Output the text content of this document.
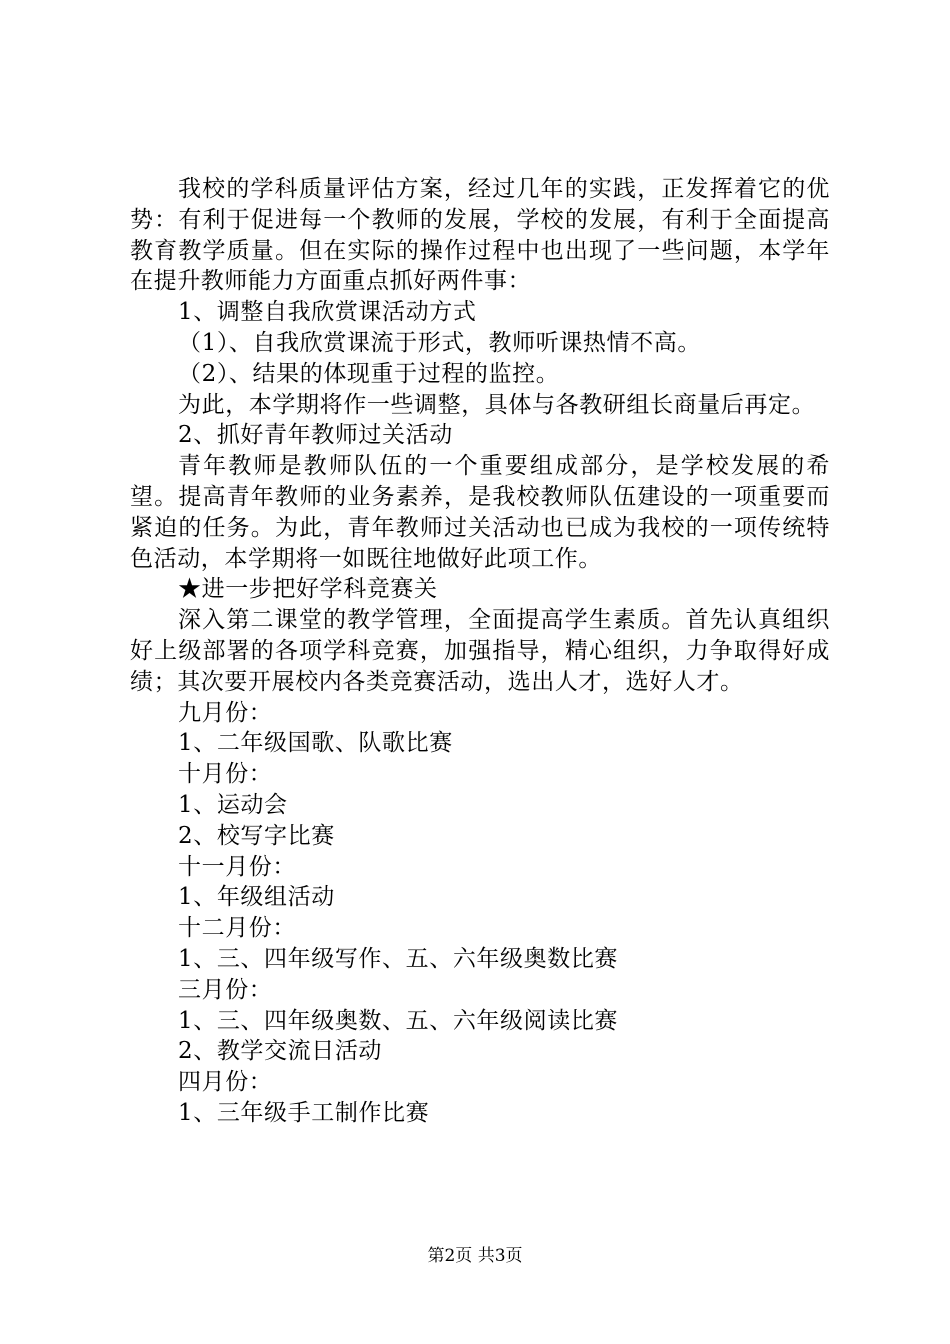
我校的学科质量评估方案，经过几年的实践，正发挥着它的优势：有利于促进每一个教师的发展，学校的发展，有利于全面提高教育教学质量。但在实际的操作过程中也出现了一些问题，本学年在提升教师能力方面重点抓好两件事：

1、调整自我欣赏课活动方式

（1）、自我欣赏课流于形式，教师听课热情不高。

（2）、结果的体现重于过程的监控。

为此，本学期将作一些调整，具体与各教研组长商量后再定。

2、抓好青年教师过关活动

青年教师是教师队伍的一个重要组成部分，是学校发展的希望。提高青年教师的业务素养，是我校教师队伍建设的一项重要而紧迫的任务。为此，青年教师过关活动也已成为我校的一项传统特色活动，本学期将一如既往地做好此项工作。

★进一步把好学科竞赛关

深入第二课堂的教学管理，全面提高学生素质。首先认真组织好上级部署的各项学科竞赛，加强指导，精心组织，力争取得好成绩；其次要开展校内各类竞赛活动，选出人才，选好人才。

九月份：

1、二年级国歌、队歌比赛

十月份：

1、运动会

2、校写字比赛

十一月份：

1、年级组活动

十二月份：

1、三、四年级写作、五、六年级奥数比赛

三月份：

1、三、四年级奥数、五、六年级阅读比赛

2、教学交流日活动

四月份：

1、三年级手工制作比赛

第2页 共3页
